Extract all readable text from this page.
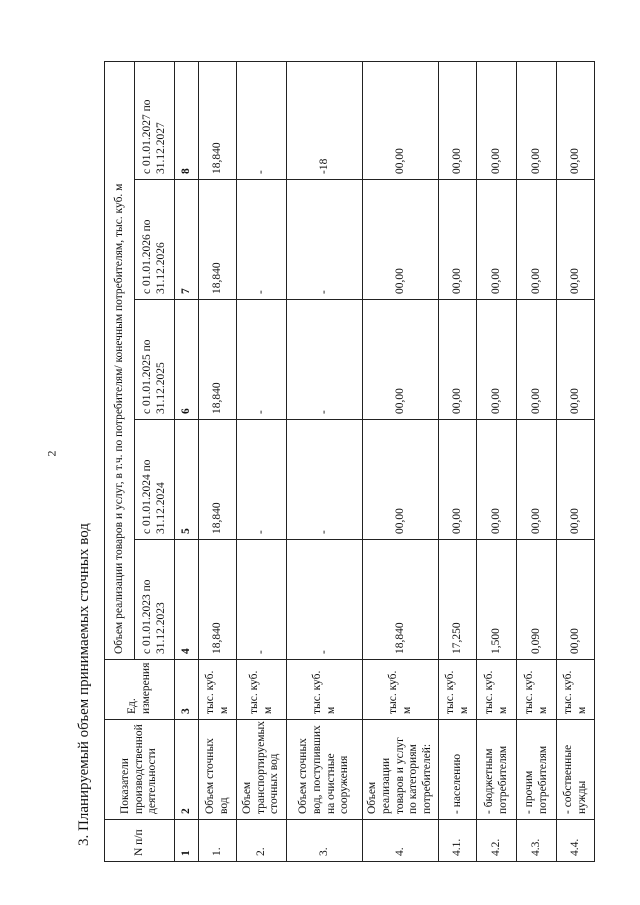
2
3. Планируемый объем принимаемых сточных вод	N п/п	Показатели производственной деятельности	Ед. измерения	Объем реализации товаров и услуг, в т.ч. по потребителям/ конечным потребителям, тыс. куб. м				
			с 01.01.2023 по 31.12.2023	с 01.01.2024 по 31.12.2024	с 01.01.2025 по 31.12.2025	с 01.01.2026 по 31.12.2026	с 01.01.2027 по 31.12.2027
1	2	3	4	5	6	7	8
1.	Объем сточных вод	тыс. куб. м	18,840	18,840	18,840	18,840	18,840
2.	Объем транспортируемых сточных вод	тыс. куб. м	-	-	-	-	-
3.	Объем сточных вод, поступивших на очистные сооружения	тыс. куб. м	-	-	-	-	-18
4.	Объем реализации товаров и услуг по категориям потребителей:	тыс. куб. м	18,840	00,00	00,00	00,00	00,00
4.1.	- населению	тыс. куб. м	17,250	00,00	00,00	00,00	00,00
4.2.	- бюджетным потребителям	тыс. куб. м	1,500	00,00	00,00	00,00	00,00
4.3.	- прочим потребителям	тыс. куб. м	0,090	00,00	00,00	00,00	00,00
4.4.	- собственные нужды	тыс. куб. м	00,00	00,00	00,00	00,00	00,00
